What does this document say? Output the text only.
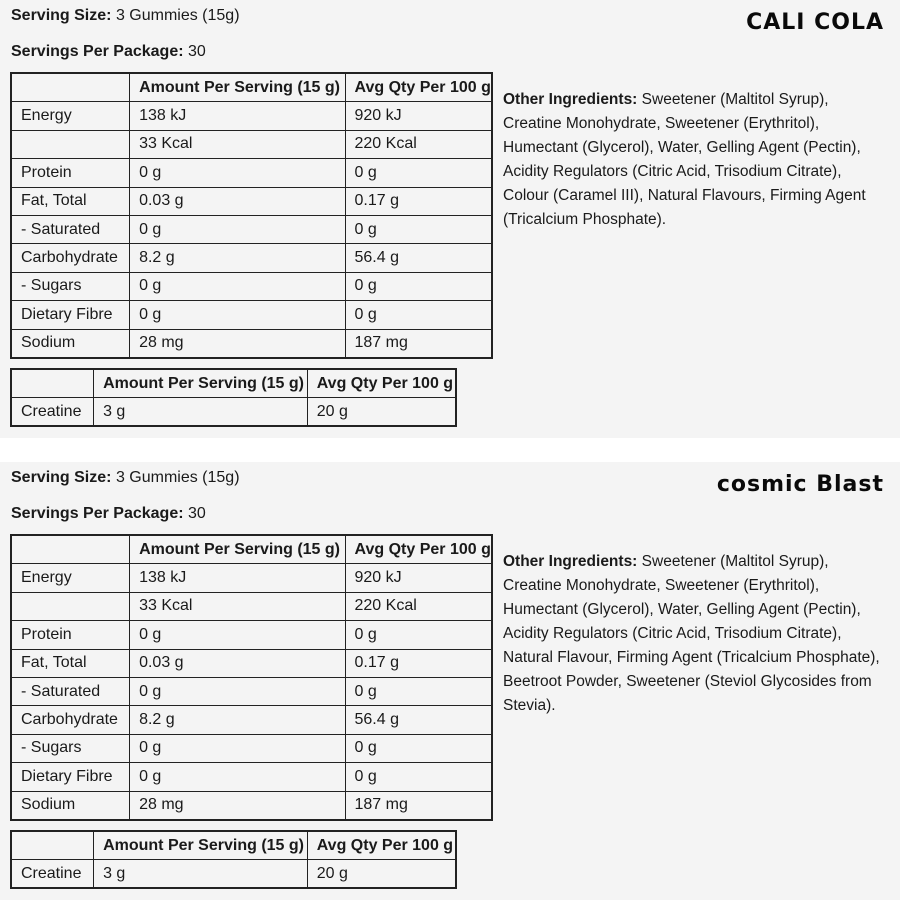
Serving Size: 3 Gummies (15g)
Servings Per Package: 30
CALI COLA
	Amount Per Serving (15 g)	Avg Qty Per 100 g
Energy	138 kJ	920 kJ
	33 Kcal	220 Kcal
Protein	0 g	0 g
Fat, Total	0.03 g	0.17 g
- Saturated	0 g	0 g
Carbohydrate	8.2 g	56.4 g
- Sugars	0 g	0 g
Dietary Fibre	0 g	0 g
Sodium	28 mg	187 mg
	Amount Per Serving (15 g)	Avg Qty Per 100 g
Creatine	3 g	20 g
Other Ingredients: Sweetener (Maltitol Syrup), Creatine Monohydrate, Sweetener (Erythritol), Humectant (Glycerol), Water, Gelling Agent (Pectin), Acidity Regulators (Citric Acid, Trisodium Citrate), Colour (Caramel III), Natural Flavours, Firming Agent (Tricalcium Phosphate).
Serving Size: 3 Gummies (15g)
Servings Per Package: 30
cosmic Blast
	Amount Per Serving (15 g)	Avg Qty Per 100 g
Energy	138 kJ	920 kJ
	33 Kcal	220 Kcal
Protein	0 g	0 g
Fat, Total	0.03 g	0.17 g
- Saturated	0 g	0 g
Carbohydrate	8.2 g	56.4 g
- Sugars	0 g	0 g
Dietary Fibre	0 g	0 g
Sodium	28 mg	187 mg
	Amount Per Serving (15 g)	Avg Qty Per 100 g
Creatine	3 g	20 g
Other Ingredients: Sweetener (Maltitol Syrup), Creatine Monohydrate, Sweetener (Erythritol), Humectant (Glycerol), Water, Gelling Agent (Pectin), Acidity Regulators (Citric Acid, Trisodium Citrate), Natural Flavour, Firming Agent (Tricalcium Phosphate), Beetroot Powder, Sweetener (Steviol Glycosides from Stevia).
